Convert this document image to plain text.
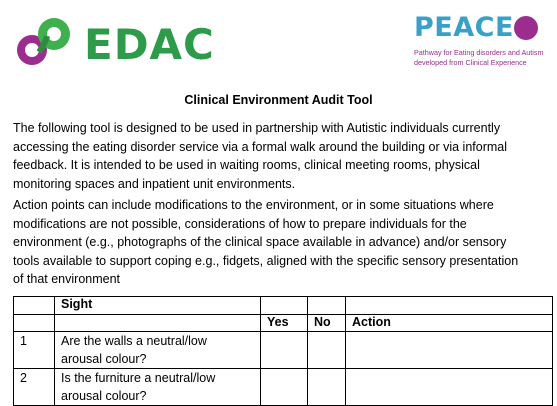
EDAC	PEACE
Pathway for Eating disorders and Autism
developed from Clinical Experience
Clinical Environment Audit Tool
The following tool is designed to be used in partnership with Autistic individuals currently
accessing the eating disorder service via a formal walk around the building or via informal
feedback. It is intended to be used in waiting rooms, clinical meeting rooms, physical
monitoring spaces and inpatient unit environments.
Action points can include modifications to the environment, or in some situations where
modifications are not possible, considerations of how to prepare individuals for the
environment (e.g., photographs of the clinical space available in advance) and/or sensory
tools available to support coping e.g., fidgets, aligned with the specific sensory presentation
of that environment
	Sight			
		Yes	No	Action
1	Are the walls a neutral/low
arousal colour?			

2	Is the furniture a neutral/low
arousal colour?			
